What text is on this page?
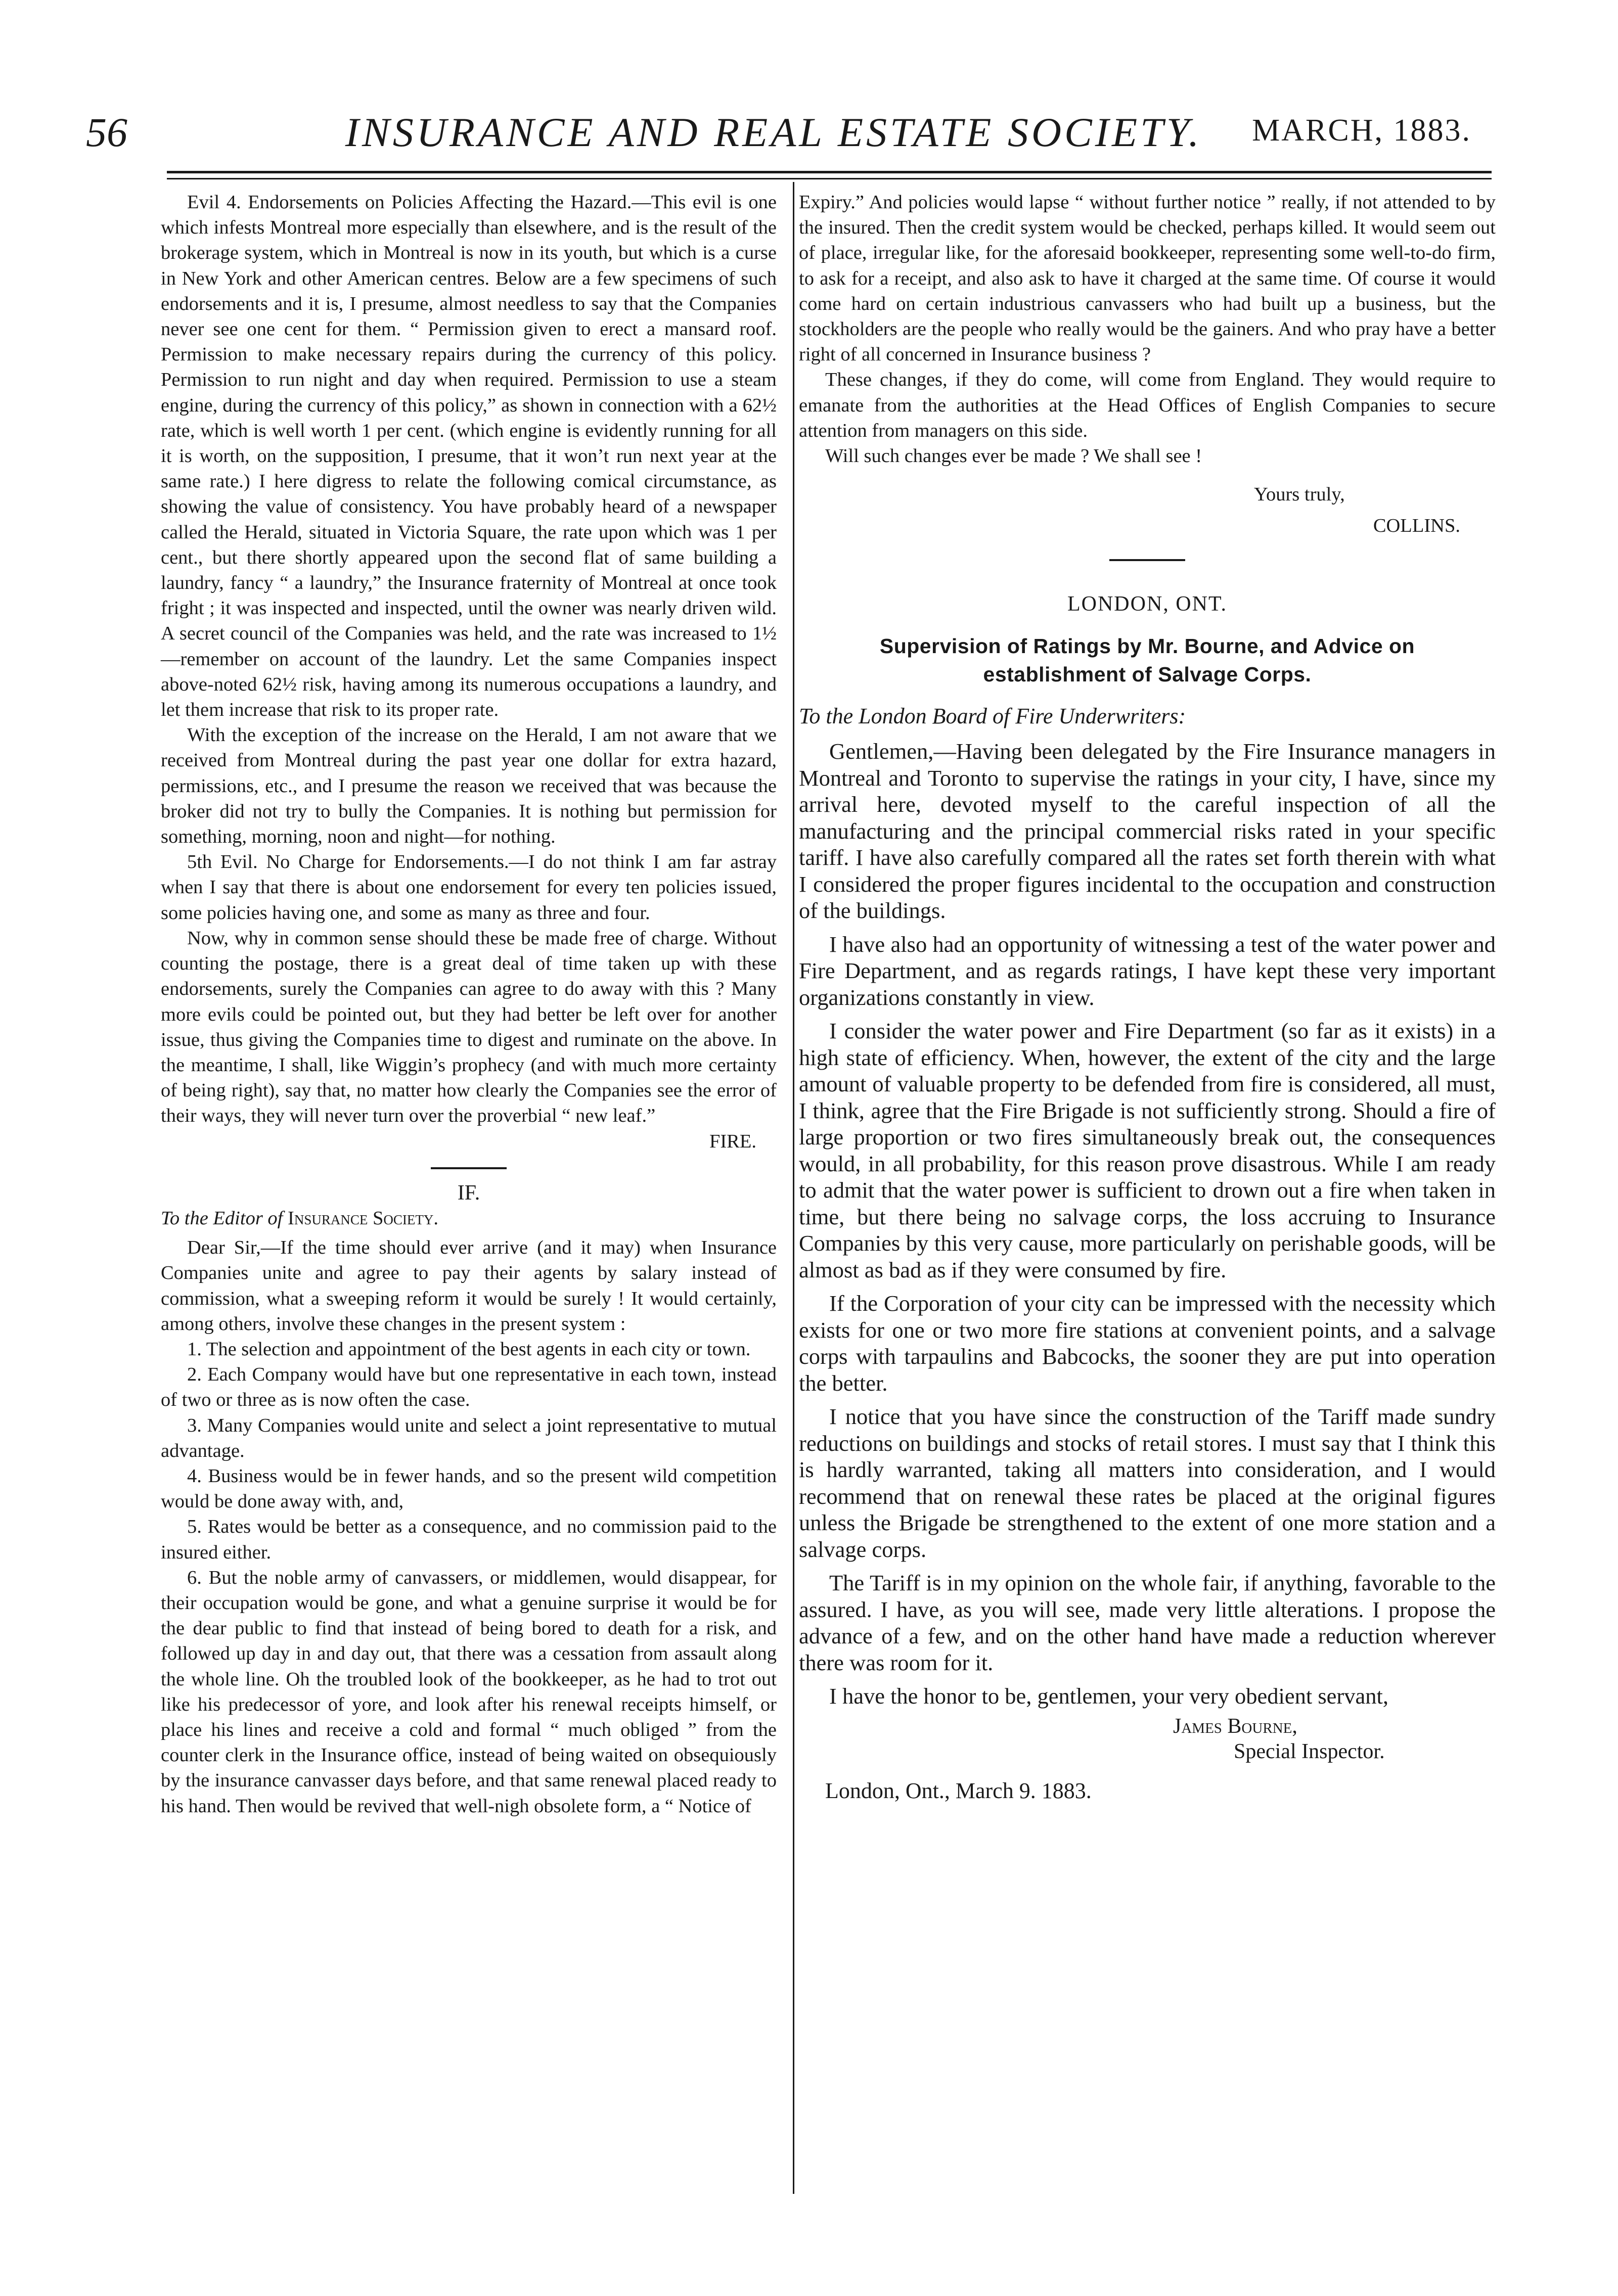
56	INSURANCE AND REAL ESTATE SOCIETY.	MARCH, 1883.

Evil 4. Endorsements on Policies Affecting the Hazard.—This evil is one which infests Montreal more especially than elsewhere, and is the result of the brokerage system, which in Montreal is now in its youth, but which is a curse in New York and other American centres. Below are a few specimens of such endorsements and it is, I presume, almost needless to say that the Companies never see one cent for them. “ Permission given to erect a mansard roof. Permission to make necessary repairs during the currency of this policy. Permission to run night and day when required. Permission to use a steam engine, during the currency of this policy,” as shown in connection with a 62½ rate, which is well worth 1 per cent. (which engine is evidently running for all it is worth, on the supposition, I presume, that it won’t run next year at the same rate.) I here digress to relate the following comical circumstance, as showing the value of consistency. You have probably heard of a newspaper called the Herald, situated in Victoria Square, the rate upon which was 1 per cent., but there shortly appeared upon the second flat of same building a laundry, fancy “ a laundry,” the Insurance fraternity of Montreal at once took fright ; it was inspected and inspected, until the owner was nearly driven wild. A secret council of the Companies was held, and the rate was increased to 1½—remember on account of the laundry. Let the same Companies inspect above-noted 62½ risk, having among its numerous occupations a laundry, and let them increase that risk to its proper rate.

With the exception of the increase on the Herald, I am not aware that we received from Montreal during the past year one dollar for extra hazard, permissions, etc., and I presume the reason we received that was because the broker did not try to bully the Companies. It is nothing but permission for something, morning, noon and night—for nothing.

5th Evil. No Charge for Endorsements.—I do not think I am far astray when I say that there is about one endorsement for every ten policies issued, some policies having one, and some as many as three and four.

Now, why in common sense should these be made free of charge. Without counting the postage, there is a great deal of time taken up with these endorsements, surely the Companies can agree to do away with this ? Many more evils could be pointed out, but they had better be left over for another issue, thus giving the Companies time to digest and ruminate on the above. In the meantime, I shall, like Wiggin’s prophecy (and with much more certainty of being right), say that, no matter how clearly the Companies see the error of their ways, they will never turn over the proverbial “ new leaf.”

FIRE.

IF.

To the Editor of Insurance Society.

Dear Sir,—If the time should ever arrive (and it may) when Insurance Companies unite and agree to pay their agents by salary instead of commission, what a sweeping reform it would be surely ! It would certainly, among others, involve these changes in the present system :

1. The selection and appointment of the best agents in each city or town.

2. Each Company would have but one representative in each town, instead of two or three as is now often the case.

3. Many Companies would unite and select a joint representative to mutual advantage.

4. Business would be in fewer hands, and so the present wild competition would be done away with, and,

5. Rates would be better as a consequence, and no commission paid to the insured either.

6. But the noble army of canvassers, or middlemen, would disappear, for their occupation would be gone, and what a genuine surprise it would be for the dear public to find that instead of being bored to death for a risk, and followed up day in and day out, that there was a cessation from assault along the whole line. Oh the troubled look of the bookkeeper, as he had to trot out like his predecessor of yore, and look after his renewal receipts himself, or place his lines and receive a cold and formal “ much obliged ” from the counter clerk in the Insurance office, instead of being waited on obsequiously by the insurance canvasser days before, and that same renewal placed ready to his hand. Then would be revived that well-nigh obsolete form, a “ Notice of

Expiry.” And policies would lapse “ without further notice ” really, if not attended to by the insured. Then the credit system would be checked, perhaps killed. It would seem out of place, irregular like, for the aforesaid bookkeeper, representing some well-to-do firm, to ask for a receipt, and also ask to have it charged at the same time. Of course it would come hard on certain industrious canvassers who had built up a business, but the stockholders are the people who really would be the gainers. And who pray have a better right of all concerned in Insurance business ?

These changes, if they do come, will come from England. They would require to emanate from the authorities at the Head Offices of English Companies to secure attention from managers on this side.

Will such changes ever be made ? We shall see !

Yours truly,

COLLINS.

LONDON, ONT.

Supervision of Ratings by Mr. Bourne, and Advice on establishment of Salvage Corps.

To the London Board of Fire Underwriters:

Gentlemen,—Having been delegated by the Fire Insurance managers in Montreal and Toronto to supervise the ratings in your city, I have, since my arrival here, devoted myself to the careful inspection of all the manufacturing and the principal commercial risks rated in your specific tariff. I have also carefully compared all the rates set forth therein with what I considered the proper figures incidental to the occupation and construction of the buildings.

I have also had an opportunity of witnessing a test of the water power and Fire Department, and as regards ratings, I have kept these very important organizations constantly in view.

I consider the water power and Fire Department (so far as it exists) in a high state of efficiency. When, however, the extent of the city and the large amount of valuable property to be defended from fire is considered, all must, I think, agree that the Fire Brigade is not sufficiently strong. Should a fire of large proportion or two fires simultaneously break out, the consequences would, in all probability, for this reason prove disastrous. While I am ready to admit that the water power is sufficient to drown out a fire when taken in time, but there being no salvage corps, the loss accruing to Insurance Companies by this very cause, more particularly on perishable goods, will be almost as bad as if they were consumed by fire.

If the Corporation of your city can be impressed with the necessity which exists for one or two more fire stations at convenient points, and a salvage corps with tarpaulins and Babcocks, the sooner they are put into operation the better.

I notice that you have since the construction of the Tariff made sundry reductions on buildings and stocks of retail stores. I must say that I think this is hardly warranted, taking all matters into consideration, and I would recommend that on renewal these rates be placed at the original figures unless the Brigade be strengthened to the extent of one more station and a salvage corps.

The Tariff is in my opinion on the whole fair, if anything, favorable to the assured. I have, as you will see, made very little alterations. I propose the advance of a few, and on the other hand have made a reduction wherever there was room for it.

I have the honor to be, gentlemen, your very obedient servant,

James Bourne,

Special Inspector.

London, Ont., March 9. 1883.
